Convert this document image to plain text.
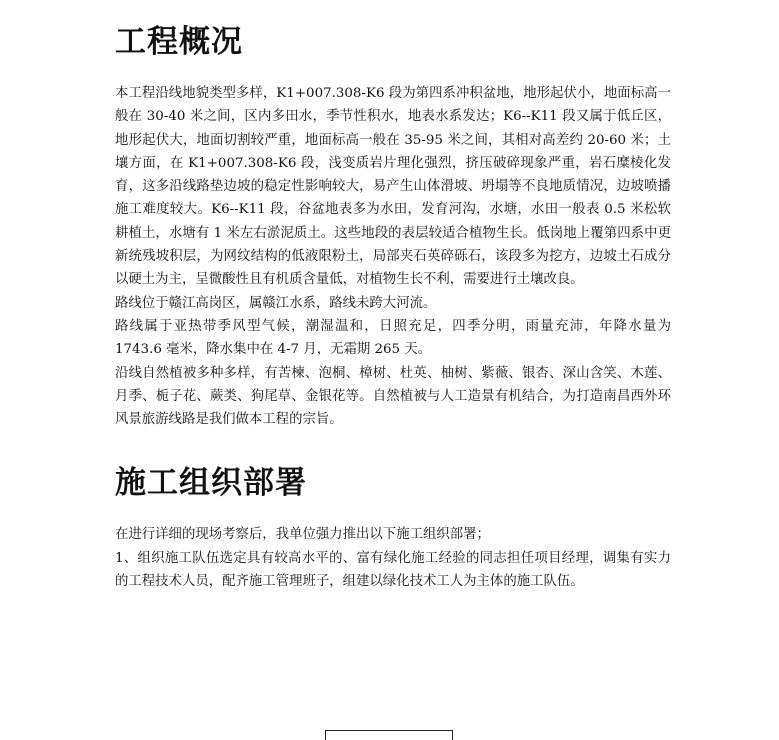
工程概况

本工程沿线地貌类型多样，K1+007.308-K6 段为第四系冲积盆地，地形起伏小，地面标高一般在 30-40 米之间，区内多田水，季节性积水，地表水系发达；K6--K11 段又属于低丘区，地形起伏大，地面切割较严重，地面标高一般在 35-95 米之间，其相对高差约 20-60 米；土壤方面，在 K1+007.308-K6 段，浅变质岩片理化强烈，挤压破碎现象严重，岩石糜棱化发育，这多沿线路垫边坡的稳定性影响较大，易产生山体滑坡、坍塌等不良地质情况，边坡喷播施工难度较大。K6--K11 段，谷盆地表多为水田，发育河沟，水塘，水田一般表 0.5 米松软耕植土，水塘有 1 米左右淤泥质土。这些地段的表层较适合植物生长。低岗地上覆第四系中更新统残坡积层，为网纹结构的低液限粉土，局部夹石英碎砾石，该段多为挖方，边坡土石成分以硬土为主，呈微酸性且有机质含量低，对植物生长不利，需要进行土壤改良。

路线位于赣江高岗区，属赣江水系，路线未跨大河流。

路线属于亚热带季风型气候，潮湿温和，日照充足，四季分明，雨量充沛，年降水量为 1743.6 毫米，降水集中在 4-7 月，无霜期 265 天。

沿线自然植被多种多样，有苦楝、泡桐、樟树、杜英、柚树、紫薇、银杏、深山含笑、木莲、月季、栀子花、蕨类、狗尾草、金银花等。自然植被与人工造景有机结合，为打造南昌西外环风景旅游线路是我们做本工程的宗旨。

施工组织部署

在进行详细的现场考察后，我单位强力推出以下施工组织部署；

1、组织施工队伍选定具有较高水平的、富有绿化施工经验的同志担任项目经理，调集有实力的工程技术人员，配齐施工管理班子，组建以绿化技术工人为主体的施工队伍。
